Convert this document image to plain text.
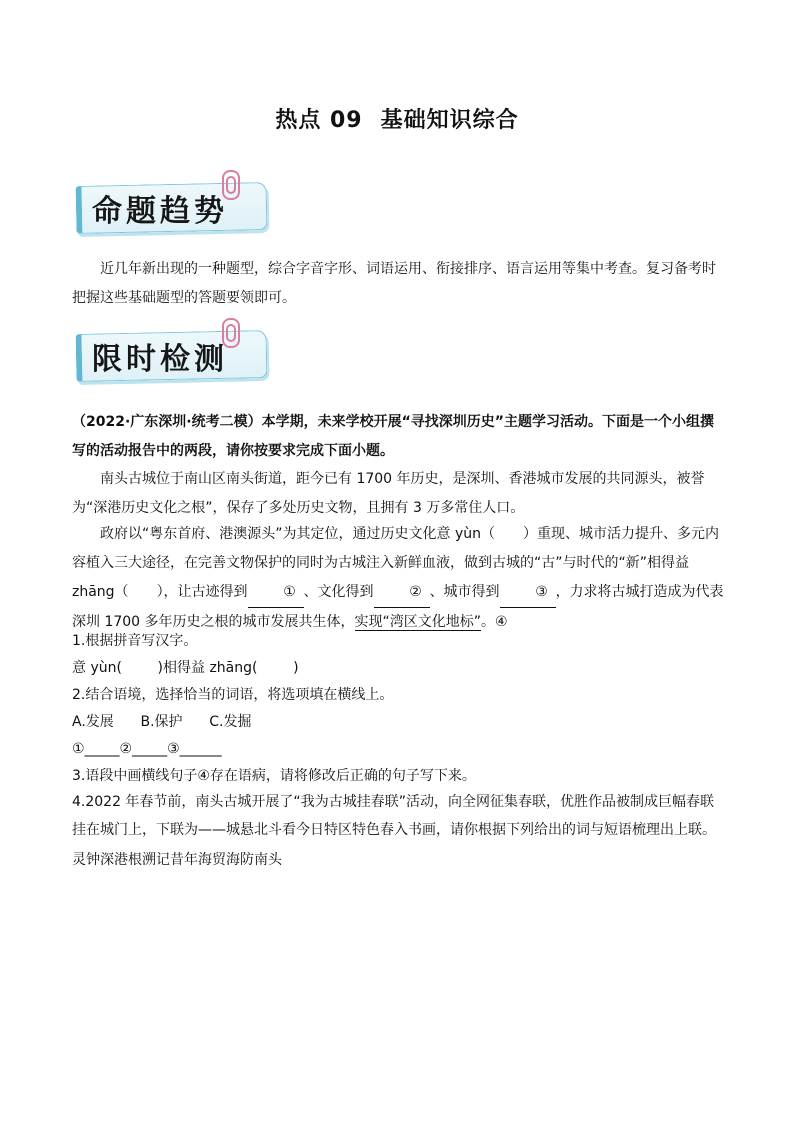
热点 09 基础知识综合
命题趋势
近几年新出现的一种题型，综合字音字形、词语运用、衔接排序、语言运用等集中考查。复习备考时把握这些基础题型的答题要领即可。
限时检测
（2022·广东深圳·统考二模）本学期，未来学校开展“寻找深圳历史”主题学习活动。下面是一个小组撰写的活动报告中的两段，请你按要求完成下面小题。
南头古城位于南山区南头街道，距今已有 1700 年历史，是深圳、香港城市发展的共同源头，被誉为“深港历史文化之根”，保存了多处历史文物，且拥有 3 万多常住人口。
政府以“粤东首府、港澳源头”为其定位，通过历史文化意 yùn（ ）重现、城市活力提升、多元内容植入三大途径，在完善文物保护的同时为古城注入新鲜血液，做到古城的“古”与时代的“新”相得益 zhāng（ ），让古迹得到	① 、文化得到	② 、城市得到	③ ，力求将古城打造成为代表深圳 1700 多年历史之根的城市发展共生体，实现“湾区文化地标”。④
1.根据拼音写汉字。
意 yùn(        )相得益 zhāng(        )
2.结合语境，选择恰当的词语，将选项填在横线上。
A.发展      B.保护      C.发掘
①_____②_____③______
3.语段中画横线句子④存在语病，请将修改后正确的句子写下来。
4.2022 年春节前，南头古城开展了“我为古城挂春联”活动，向全网征集春联，优胜作品被制成巨幅春联挂在城门上，下联为——城悬北斗看今日特区特色春入书画，请你根据下列给出的词与短语梳理出上联。
灵钟深港根溯记昔年海贸海防南头
